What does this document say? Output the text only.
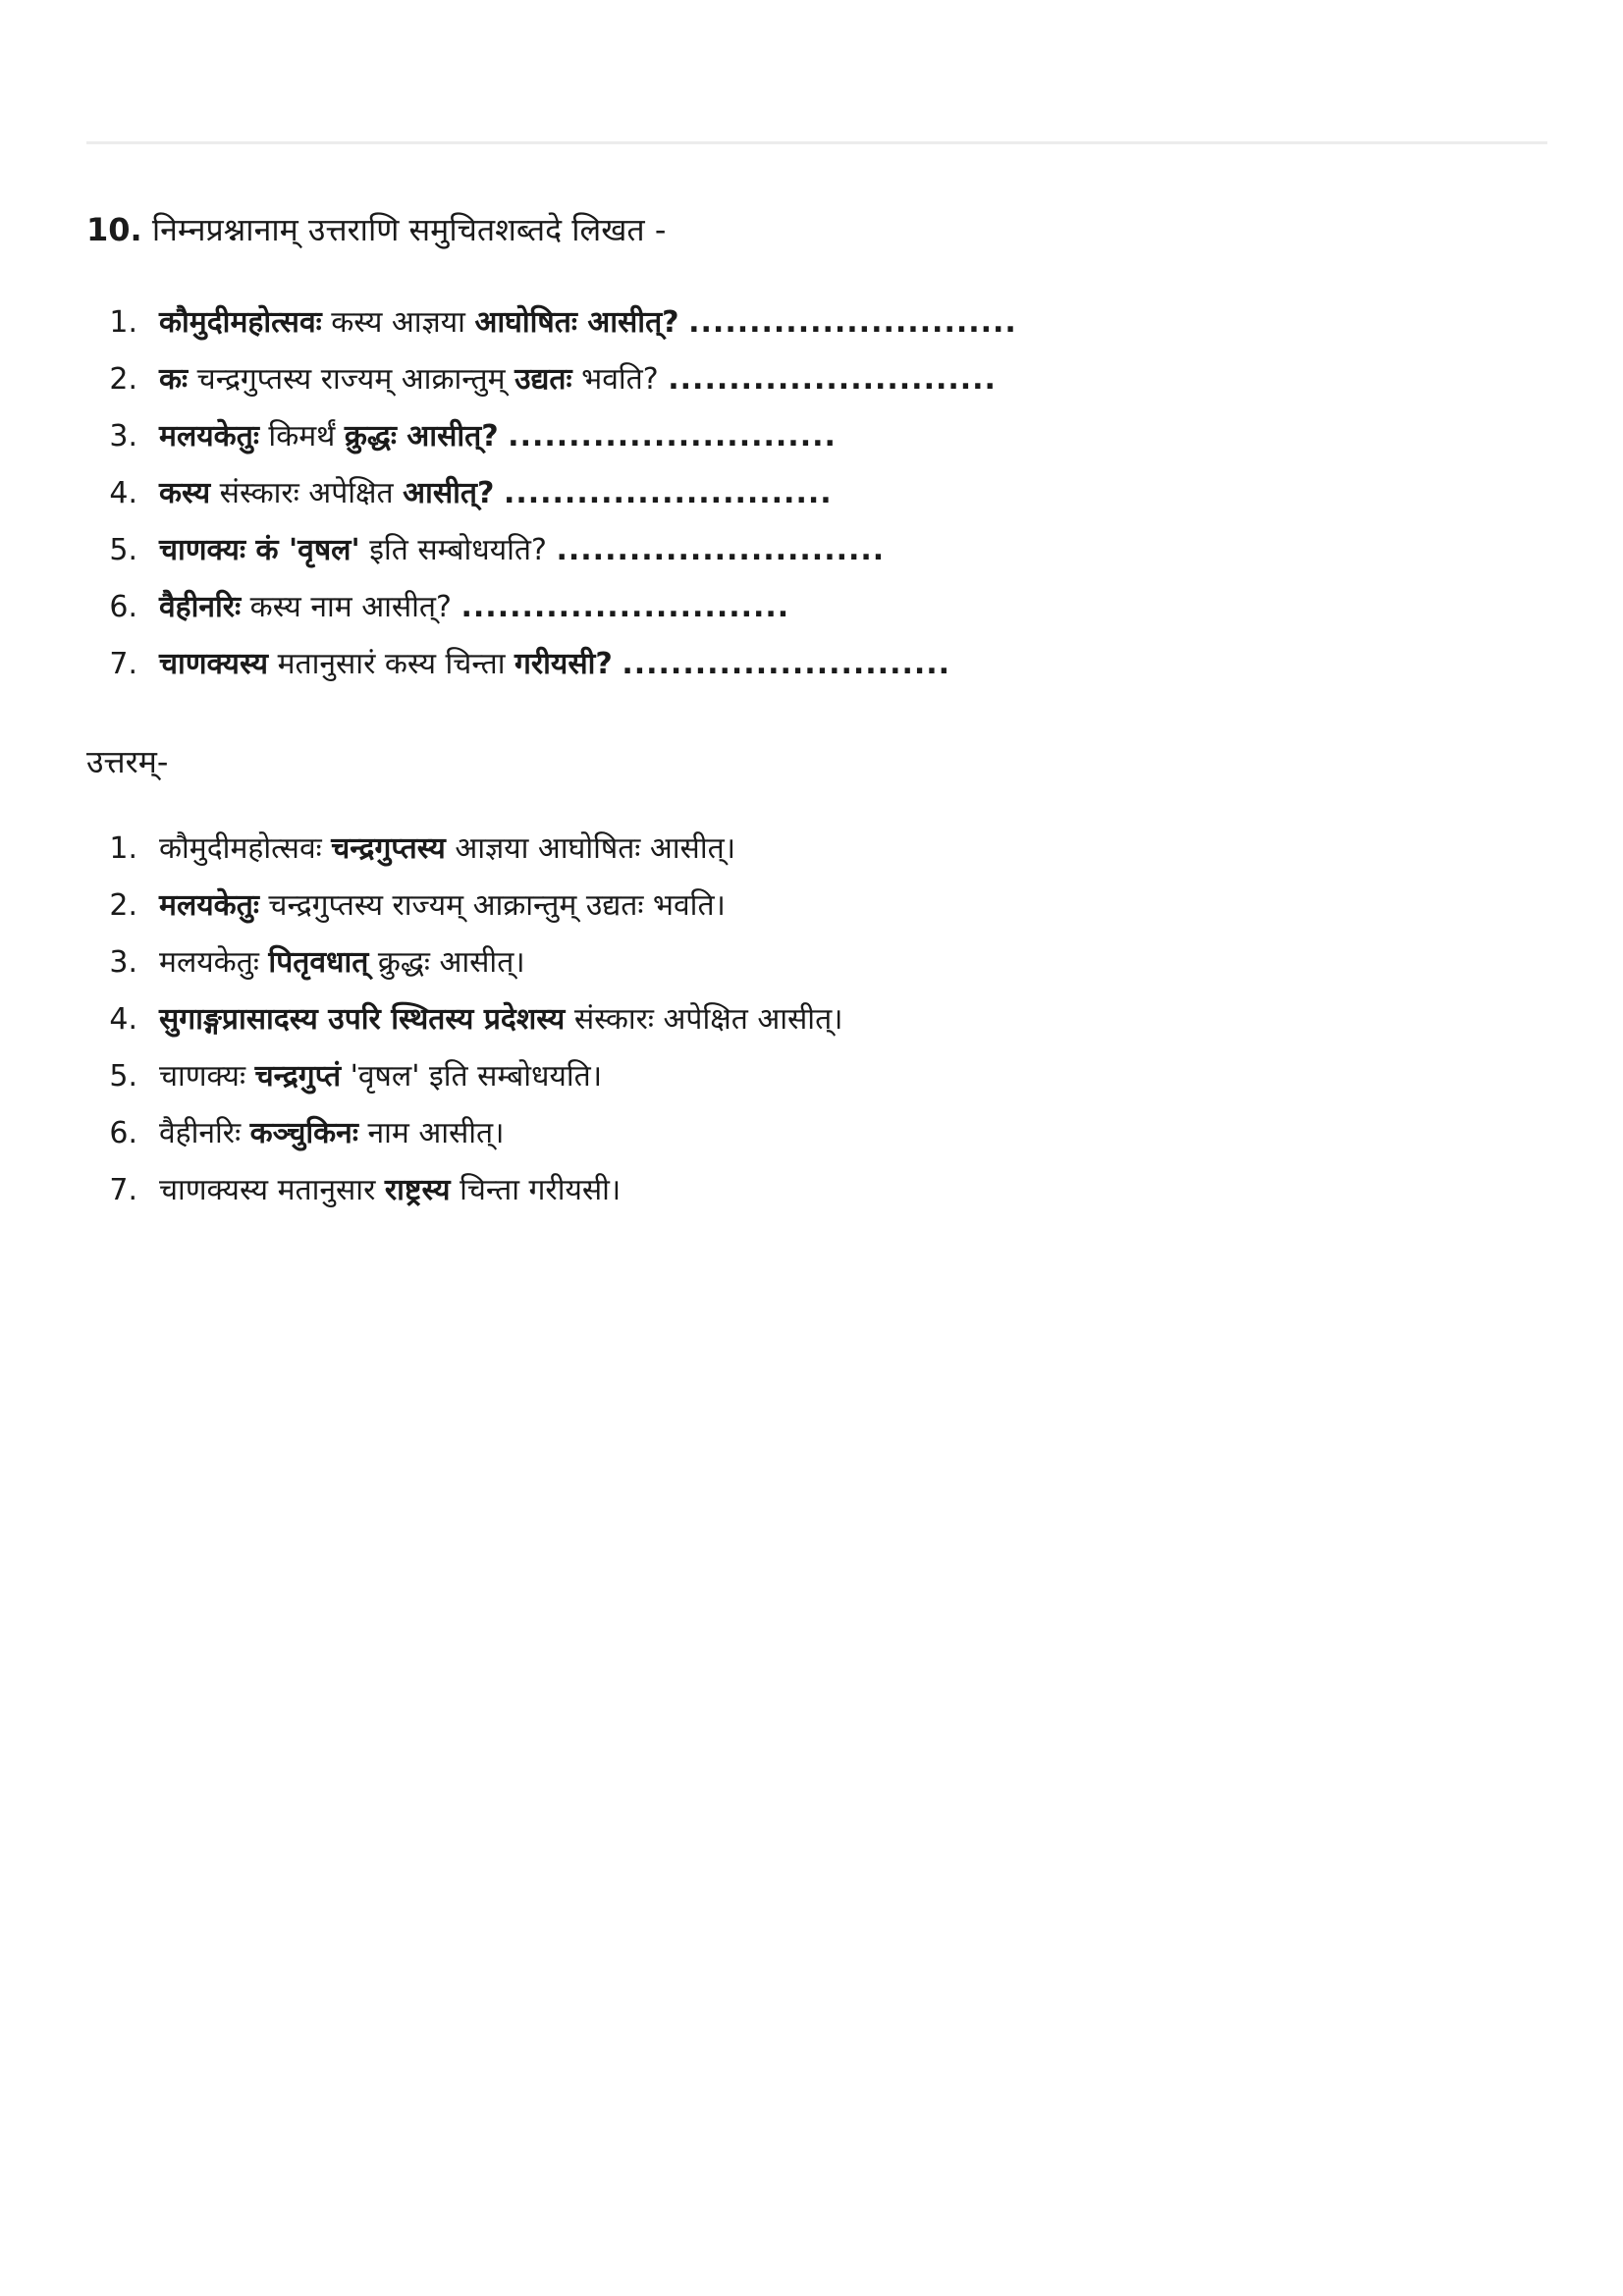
10. निम्नप्रश्नानाम् उत्तराणि समुचितशब्तदे लिखत -
1. कौमुदीमहोत्सवः कस्य आज्ञया आघोषितः आसीत्? ...........................
2. कः चन्द्रगुप्तस्य राज्यम् आक्रान्तुम् उद्यतः भवति? ...........................
3. मलयकेतुः किमर्थं क्रुद्धः आसीत्? ...........................
4. कस्य संस्कारः अपेक्षित आसीत्? ...........................
5. चाणक्यः कं 'वृषल' इति सम्बोधयति? ...........................
6. वैहीनरिः कस्य नाम आसीत्? ...........................
7. चाणक्यस्य मतानुसारं कस्य चिन्ता गरीयसी? ...........................
उत्तरम्-
1. कौमुदीमहोत्सवः चन्द्रगुप्तस्य आज्ञया आघोषितः आसीत्।
2. मलयकेतुः चन्द्रगुप्तस्य राज्यम् आक्रान्तुम् उद्यतः भवति।
3. मलयकेतुः पितृवधात् क्रुद्धः आसीत्।
4. सुगाङ्गप्रासादस्य उपरि स्थितस्य प्रदेशस्य संस्कारः अपेक्षित आसीत्।
5. चाणक्यः चन्द्रगुप्तं 'वृषल' इति सम्बोधयति।
6. वैहीनरिः कञ्चुकिनः नाम आसीत्।
7. चाणक्यस्य मतानुसार राष्ट्रस्य चिन्ता गरीयसी।
